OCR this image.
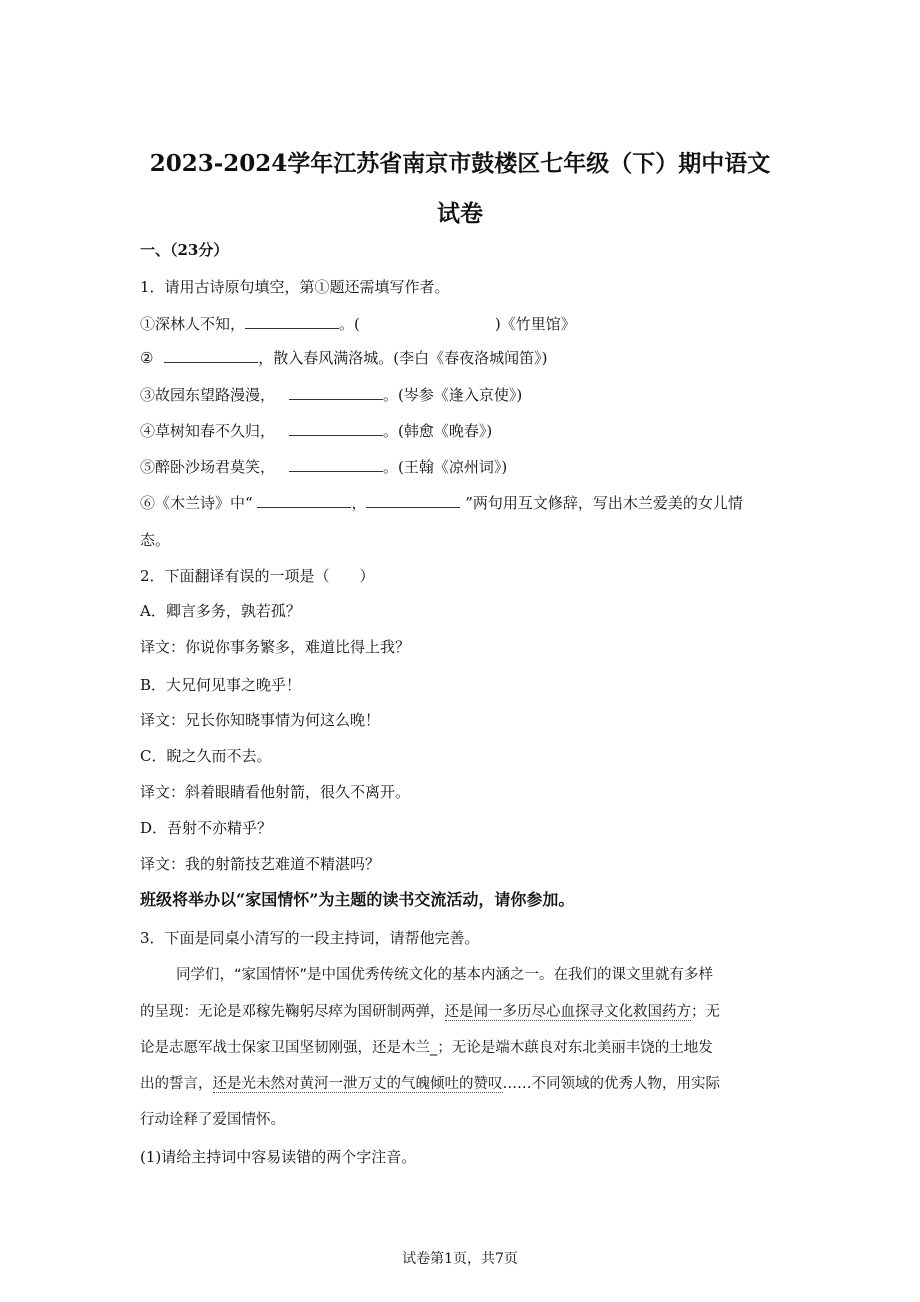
2023-2024学年江苏省南京市鼓楼区七年级（下）期中语文
试卷
一、（23分）
1．请用古诗原句填空，第①题还需填写作者。
①深林人不知，	。(	)《竹里馆》
②	，散入春风满洛城。(李白《春夜洛城闻笛》)
③故园东望路漫漫，	。(岑参《逢入京使》)
④草树知春不久归，	。(韩愈《晚春》)
⑤醉卧沙场君莫笑，	。(王翰《凉州词》)
⑥《木兰诗》中“	，	”两句用互文修辞，写出木兰爱美的女儿情
态。
2．下面翻译有误的一项是（　　）
A．卿言多务，孰若孤？
译文：你说你事务繁多，难道比得上我？
B．大兄何见事之晚乎！
译文：兄长你知晓事情为何这么晚！
C．睨之久而不去。
译文：斜着眼睛看他射箭，很久不离开。
D．吾射不亦精乎？
译文：我的射箭技艺难道不精湛吗？
班级将举办以“家国情怀”为主题的读书交流活动，请你参加。
3．下面是同桌小清写的一段主持词，请帮他完善。
同学们，“家国情怀”是中国优秀传统文化的基本内涵之一。在我们的课文里就有多样
的呈现：无论是邓稼先鞠躬尽瘁为国研制两弹，还是闻一多历尽心血探寻文化救国药方；无
论是志愿军战士保家卫国坚韧刚强，还是木兰_；无论是端木蕻良对东北美丽丰饶的土地发
出的誓言，还是光未然对黄河一泄万丈的气魄倾吐的赞叹……不同领域的优秀人物，用实际
行动诠释了爱国情怀。
(1)请给主持词中容易读错的两个字注音。
试卷第1页，共7页
